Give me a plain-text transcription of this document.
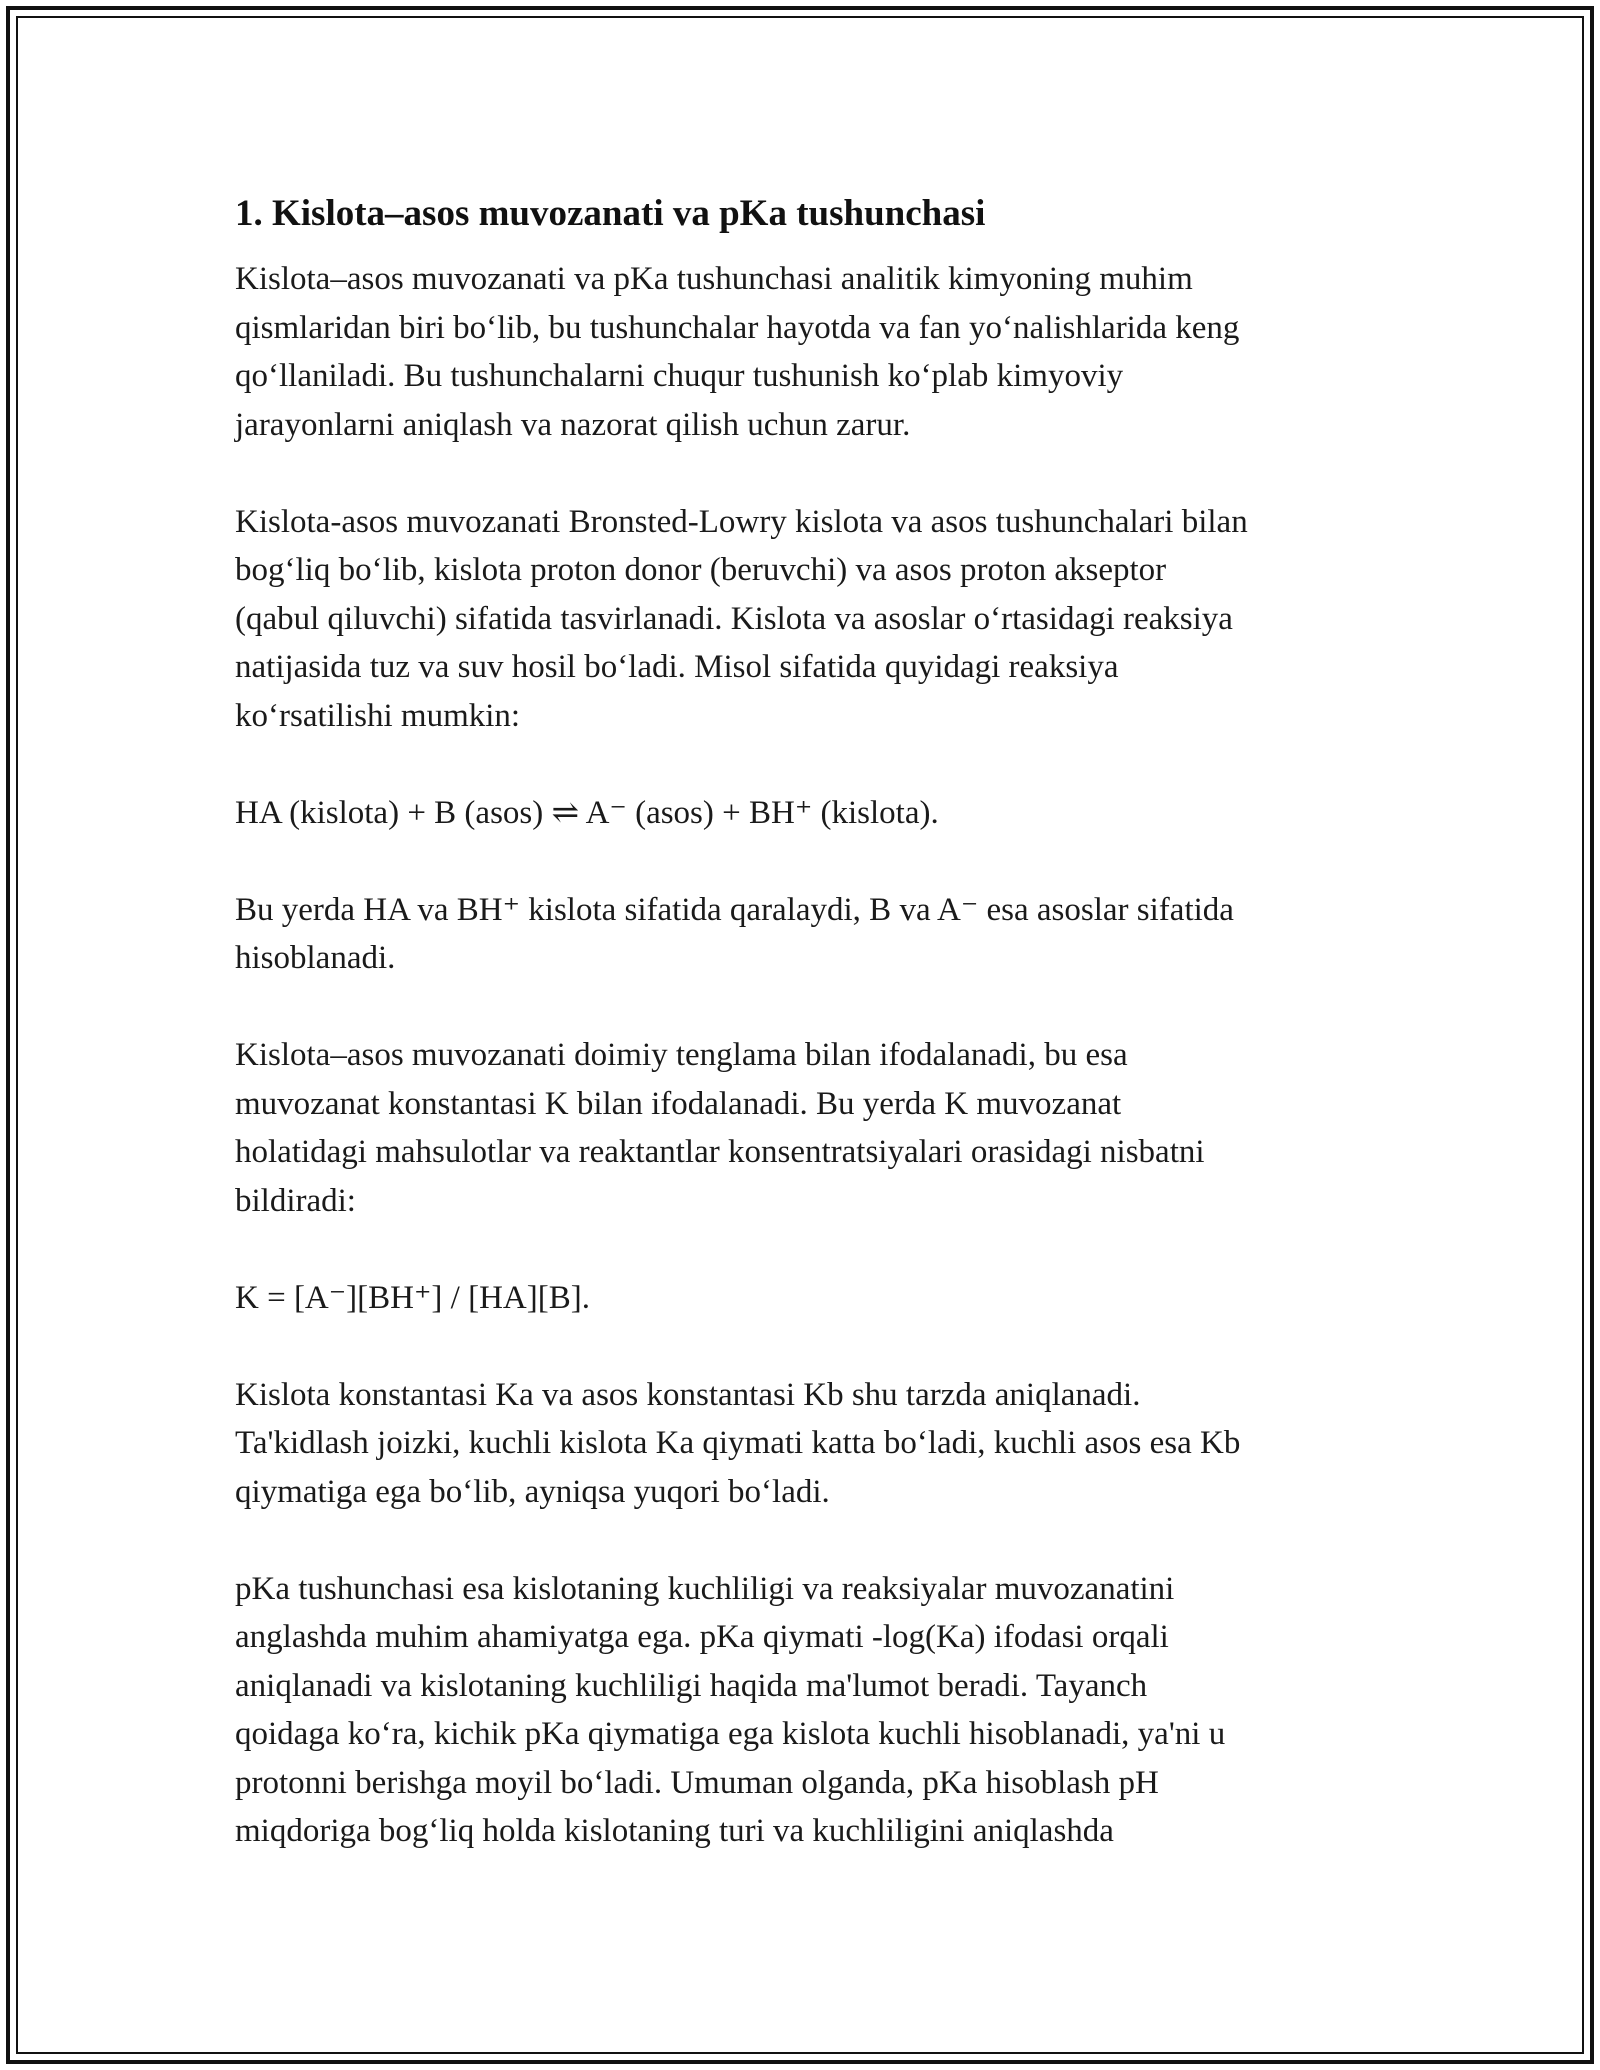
1. Kislota–asos muvozanati va pKa tushunchasi

Kislota–asos muvozanati va pKa tushunchasi analitik kimyoning muhim
qismlaridan biri bo‘lib, bu tushunchalar hayotda va fan yo‘nalishlarida keng
qo‘llaniladi. Bu tushunchalarni chuqur tushunish ko‘plab kimyoviy
jarayonlarni aniqlash va nazorat qilish uchun zarur.

Kislota-asos muvozanati Bronsted-Lowry kislota va asos tushunchalari bilan
bog‘liq bo‘lib, kislota proton donor (beruvchi) va asos proton akseptor
(qabul qiluvchi) sifatida tasvirlanadi. Kislota va asoslar o‘rtasidagi reaksiya
natijasida tuz va suv hosil bo‘ladi. Misol sifatida quyidagi reaksiya
ko‘rsatilishi mumkin:

HA (kislota) + B (asos) ⇌ A⁻ (asos) + BH⁺ (kislota).

Bu yerda HA va BH⁺ kislota sifatida qaralaydi, B va A⁻ esa asoslar sifatida
hisoblanadi.

Kislota–asos muvozanati doimiy tenglama bilan ifodalanadi, bu esa
muvozanat konstantasi K bilan ifodalanadi. Bu yerda K muvozanat
holatidagi mahsulotlar va reaktantlar konsentratsiyalari orasidagi nisbatni
bildiradi:

K = [A⁻][BH⁺] / [HA][B].

Kislota konstantasi Ka va asos konstantasi Kb shu tarzda aniqlanadi.
Ta'kidlash joizki, kuchli kislota Ka qiymati katta bo‘ladi, kuchli asos esa Kb
qiymatiga ega bo‘lib, ayniqsa yuqori bo‘ladi.

pKa tushunchasi esa kislotaning kuchliligi va reaksiyalar muvozanatini
anglashda muhim ahamiyatga ega. pKa qiymati -log(Ka) ifodasi orqali
aniqlanadi va kislotaning kuchliligi haqida ma'lumot beradi. Tayanch
qoidaga ko‘ra, kichik pKa qiymatiga ega kislota kuchli hisoblanadi, ya'ni u
protonni berishga moyil bo‘ladi. Umuman olganda, pKa hisoblash pH
miqdoriga bog‘liq holda kislotaning turi va kuchliligini aniqlashda
